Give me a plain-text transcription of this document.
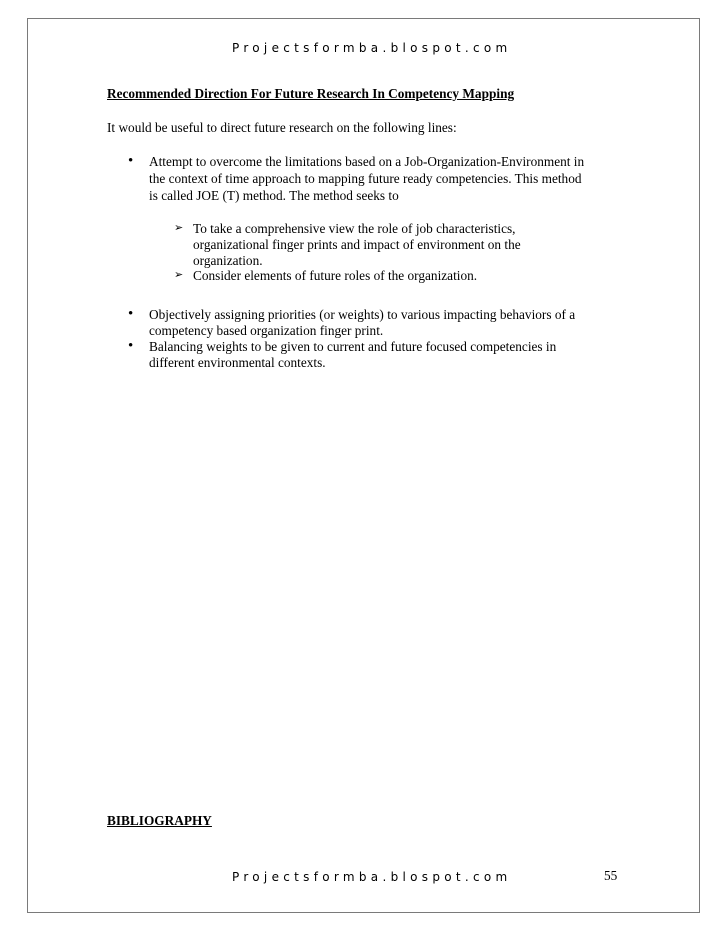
Projectsformba.blospot.com
Recommended Direction For Future Research In Competency Mapping
It would be useful to direct future research on the following lines:
• Attempt to overcome the limitations based on a Job-Organization-Environment in
the context of time approach to mapping future ready competencies. This method
is called JOE (T) method. The method seeks to
➢ To take a comprehensive view the role of job characteristics,
organizational finger prints and impact of environment on the
organization.
➢ Consider elements of future roles of the organization.
• Objectively assigning priorities (or weights) to various impacting behaviors of a
competency based organization finger print.
• Balancing weights to be given to current and future focused competencies in
different environmental contexts.
BIBLIOGRAPHY
Projectsformba.blospot.com	55
